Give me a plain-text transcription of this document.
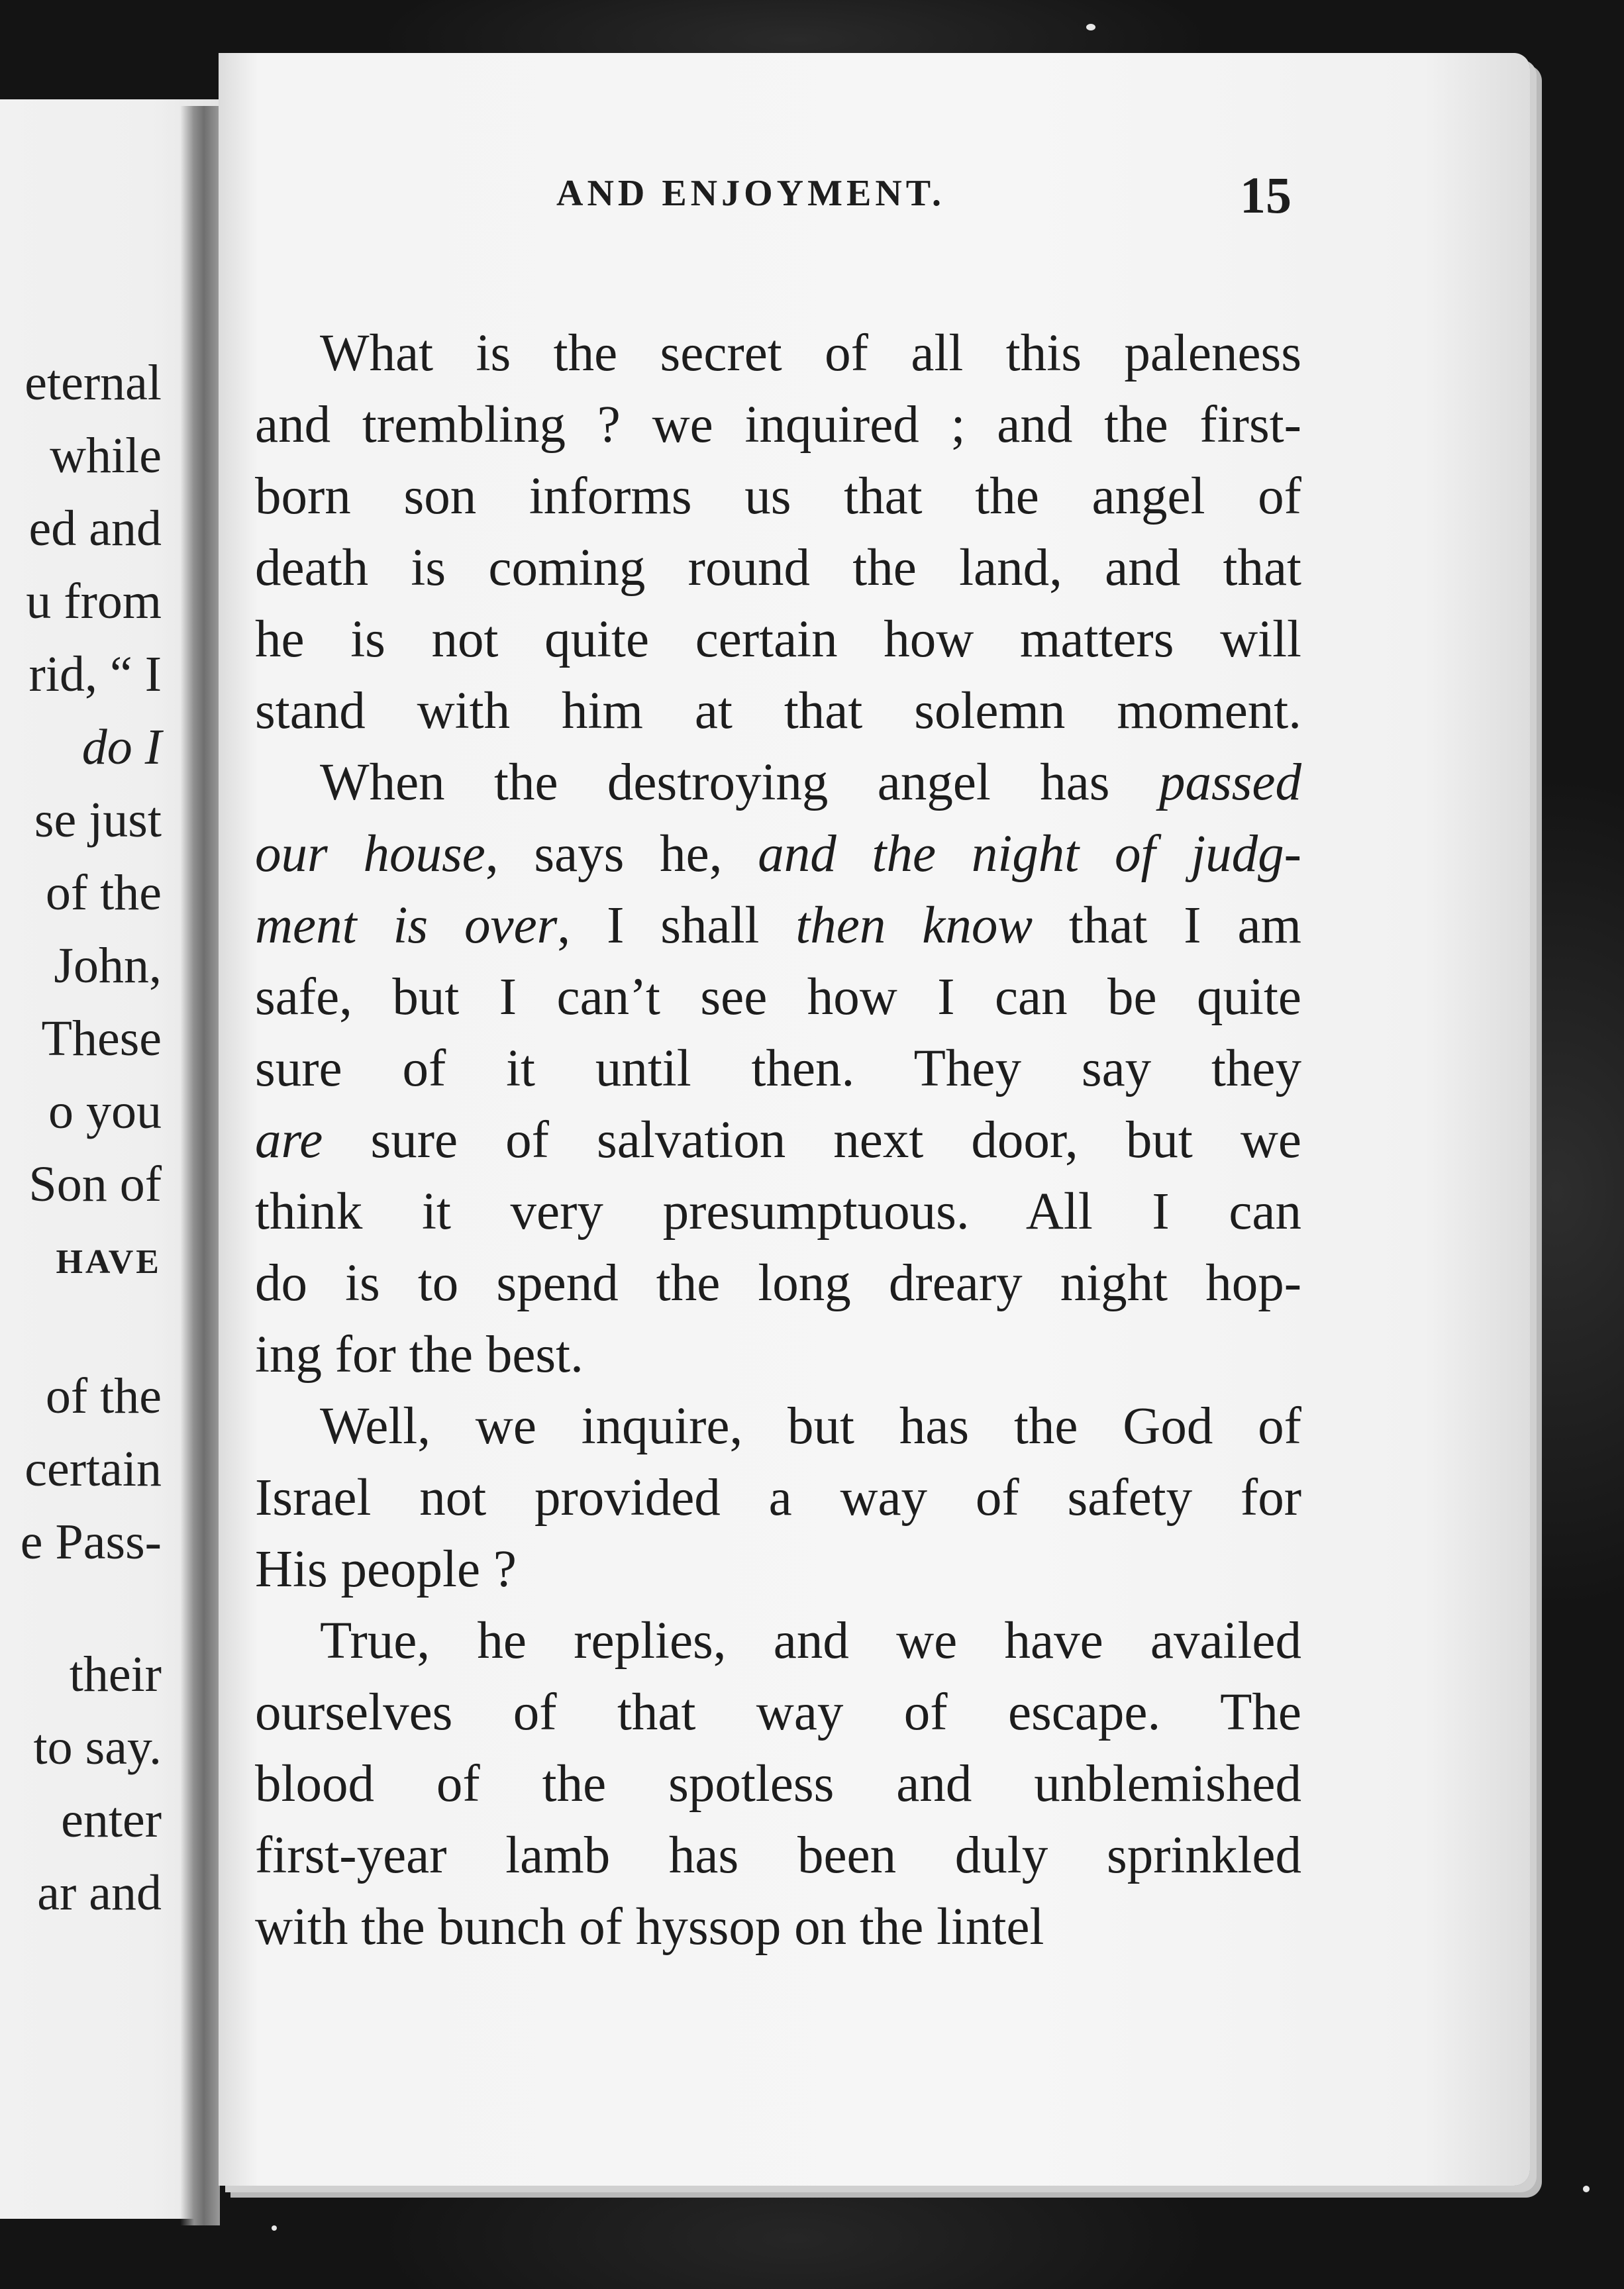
eternal
while
ed and
u from
rid, “ I
do I
se just
of the
John,
These
o you
Son of
HAVE
of the
certain
e Pass-
their
to say.
enter
ar and
AND ENJOYMENT.	15
What is the secret of all this paleness
and trembling ? we inquired ; and the first-
born son informs us that the angel of
death is coming round the land, and that
he is not quite certain how matters will
stand with him at that solemn moment.
When the destroying angel has passed
our house, says he, and the night of judg-
ment is over, I shall then know that I am
safe, but I can’t see how I can be quite
sure of it until then. They say they
are sure of salvation next door, but we
think it very presumptuous. All I can
do is to spend the long dreary night hop-
ing for the best.
Well, we inquire, but has the God of
Israel not provided a way of safety for
His people ?
True, he replies, and we have availed
ourselves of that way of escape. The
blood of the spotless and unblemished
first-year lamb has been duly sprinkled
with the bunch of hyssop on the lintel
